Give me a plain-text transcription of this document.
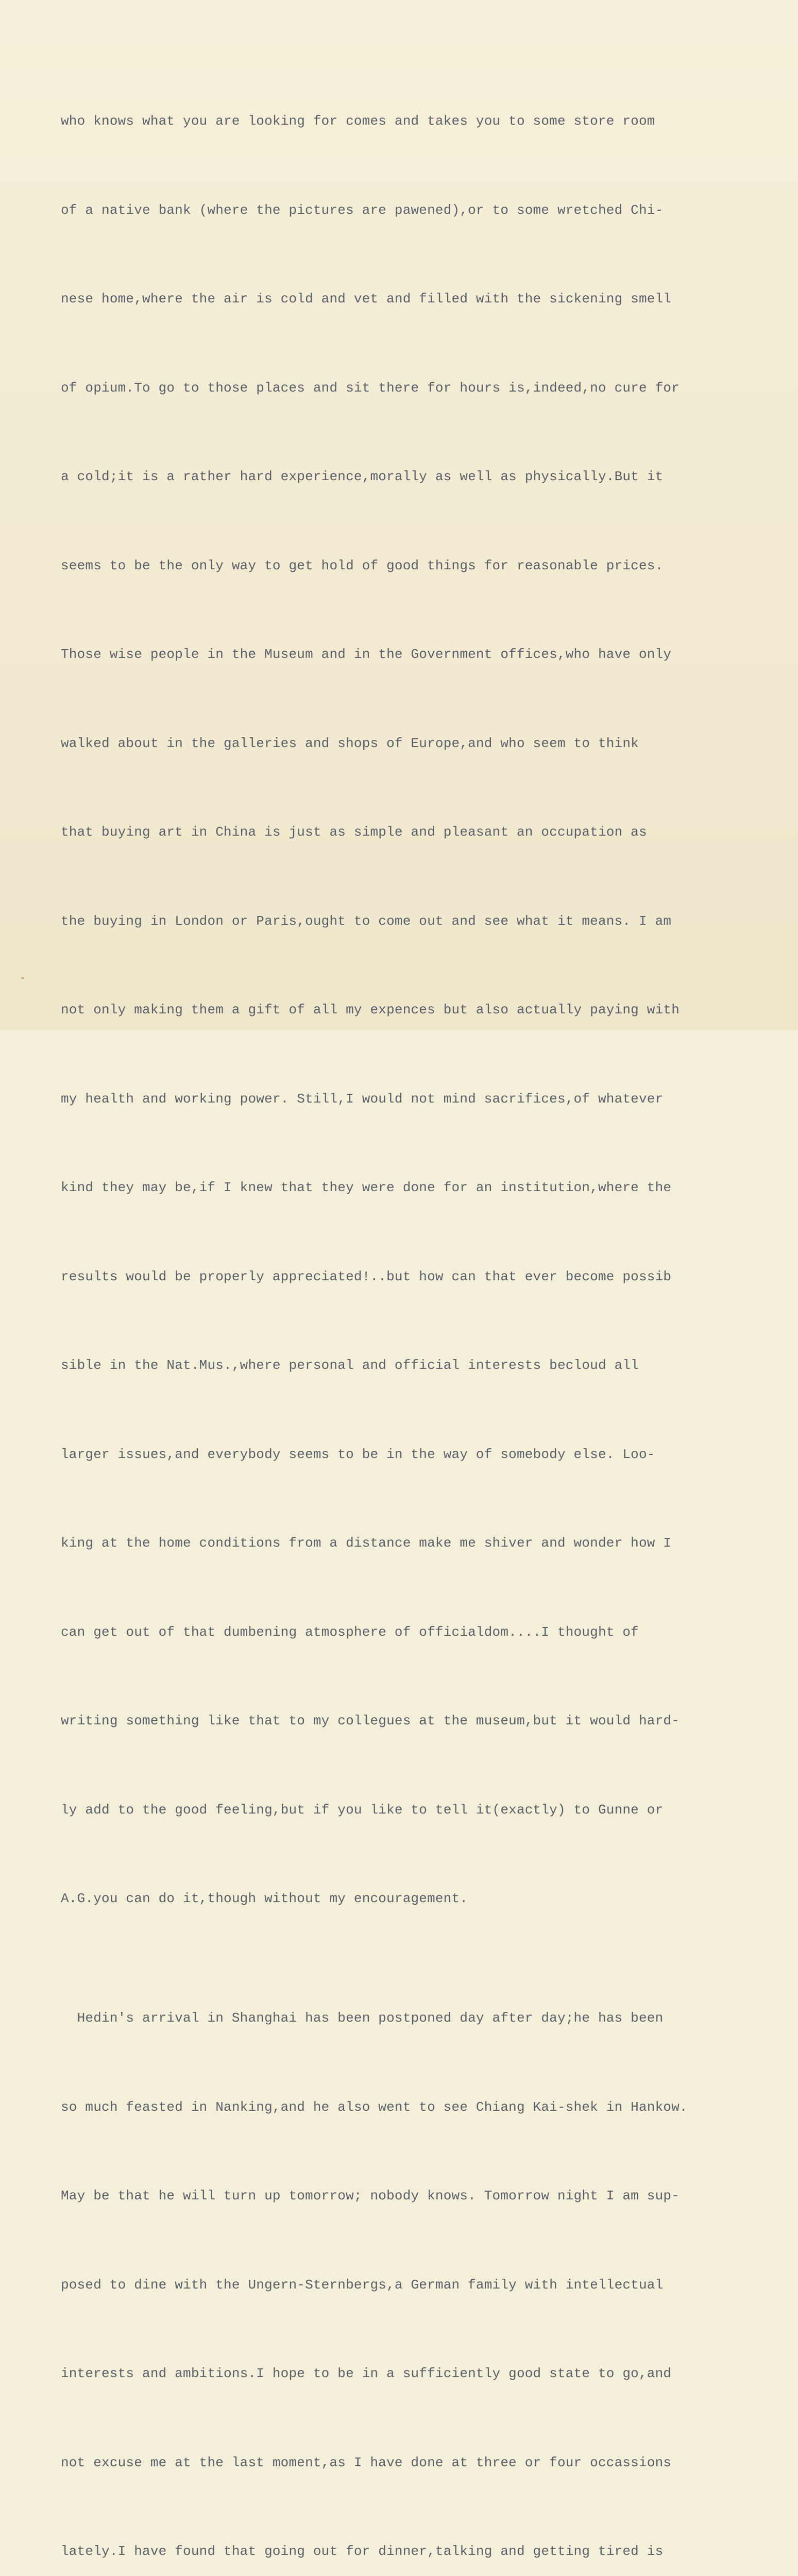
who knows what you are looking for comes and takes you to some store room

of a native bank (where the pictures are pawened),or to some wretched Chi-

nese home,where the air is cold and vet and filled with the sickening smell

of opium.To go to those places and sit there for hours is,indeed,no cure for

a cold;it is a rather hard experience,morally as well as physically.But it

seems to be the only way to get hold of good things for reasonable prices.

Those wise people in the Museum and in the Government offices,who have only

walked about in the galleries and shops of Europe,and who seem to think

that buying art in China is just as simple and pleasant an occupation as

the buying in London or Paris,ought to come out and see what it means. I am

not only making them a gift of all my expences but also actually paying with

my health and working power. Still,I would not mind sacrifices,of whatever

kind they may be,if I knew that they were done for an institution,where the

results would be properly appreciated!..but how can that ever become possib

sible in the Nat.Mus.,where personal and official interests becloud all

larger issues,and everybody seems to be in the way of somebody else. Loo-

king at the home conditions from a distance make me shiver and wonder how I

can get out of that dumbening atmosphere of officialdom....I thought of

writing something like that to my collegues at the museum,but it would hard-

ly add to the good feeling,but if you like to tell it(exactly) to Gunne or

A.G.you can do it,though without my encouragement.

Hedin's arrival in Shanghai has been postponed day after day;he has been

so much feasted in Nanking,and he also went to see Chiang Kai-shek in Hankow.

May be that he will turn up tomorrow; nobody knows. Tomorrow night I am sup-

posed to dine with the Ungern-Sternbergs,a German family with intellectual

interests and ambitions.I hope to be in a sufficiently good state to go,and

not excuse me at the last moment,as I have done at three or four occassions

lately.I have found that going out for dinner,talking and getting tired is
